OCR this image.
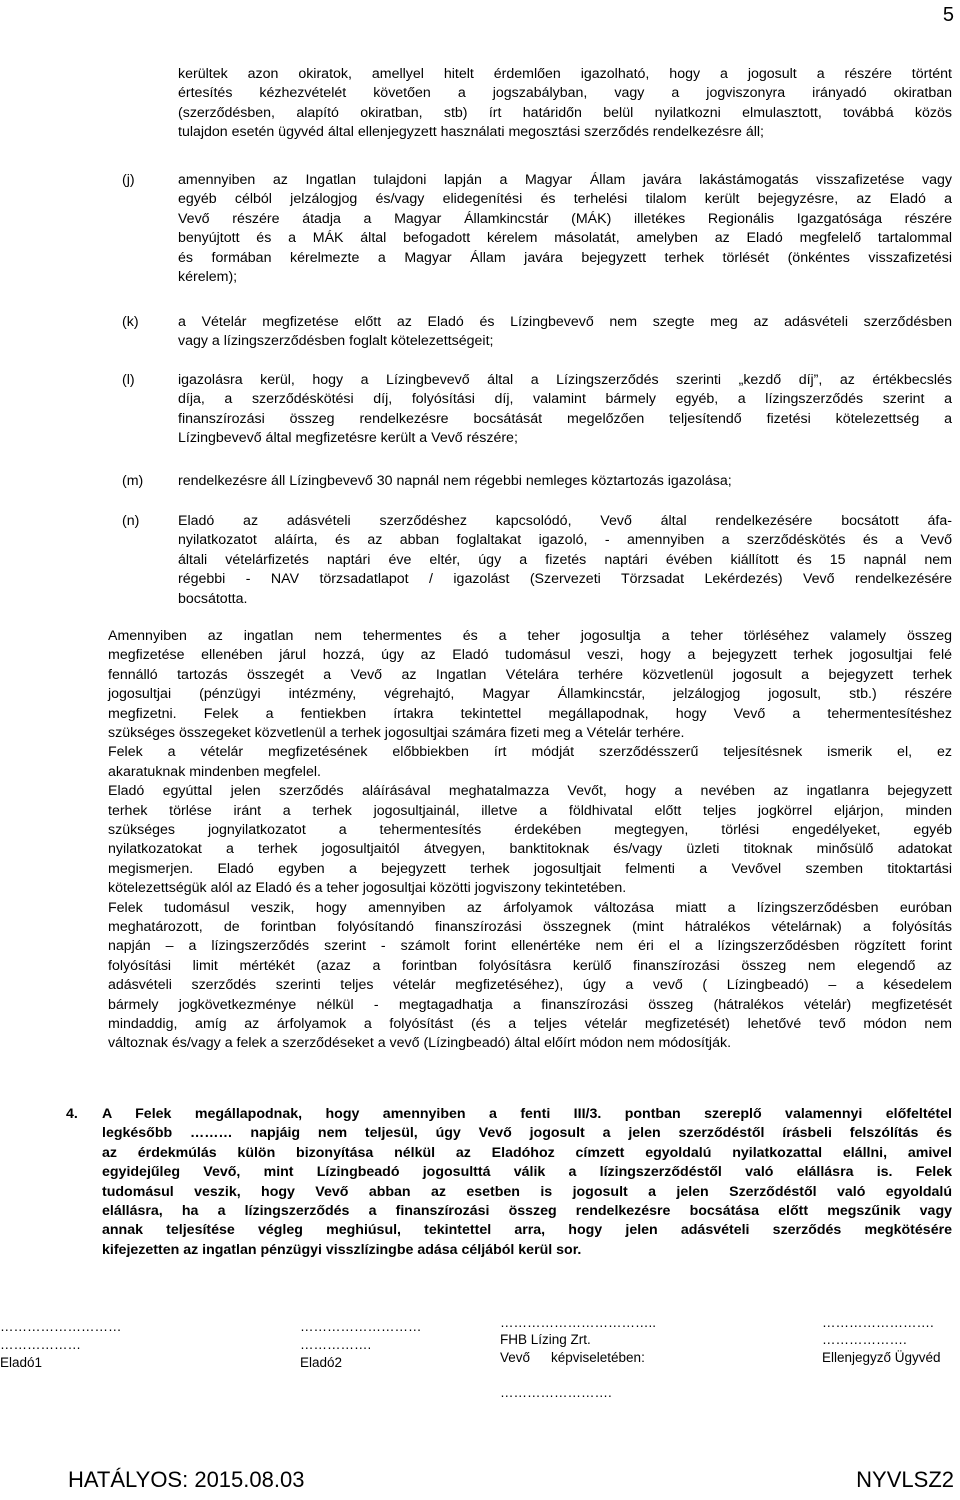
5
kerültek azon okiratok, amellyel hitelt érdemlően igazolható, hogy a jogosult a részére történt
értesítés kézhezvételét követően a jogszabályban, vagy a jogviszonyra irányadó okiratban
(szerződésben, alapító okiratban, stb) írt határidőn belül nyilatkozni elmulasztott, továbbá közös
tulajdon esetén ügyvéd által ellenjegyzett használati megosztási szerződés rendelkezésre áll;
(j)	amennyiben az Ingatlan tulajdoni lapján a Magyar Állam javára lakástámogatás visszafizetése vagy
egyéb célból jelzálogjog és/vagy elidegenítési és terhelési tilalom került bejegyzésre, az Eladó a
Vevő részére átadja a Magyar Államkincstár (MÁK) illetékes Regionális Igazgatósága részére
benyújtott és a MÁK által befogadott kérelem másolatát, amelyben az Eladó megfelelő tartalommal
és formában kérelmezte a Magyar Állam javára bejegyzett terhek törlését (önkéntes visszafizetési
kérelem);
(k)	a Vételár megfizetése előtt az Eladó és Lízingbevevő nem szegte meg az adásvételi szerződésben
vagy a lízingszerződésben foglalt kötelezettségeit;
(l)	igazolásra kerül, hogy a Lízingbevevő által a Lízingszerződés szerinti „kezdő díj”, az értékbecslés
díja, a szerződéskötési díj, folyósítási díj, valamint bármely egyéb, a lízingszerződés szerint a
finanszírozási összeg rendelkezésre bocsátását megelőzően teljesítendő fizetési kötelezettség a
Lízingbevevő által megfizetésre került a Vevő részére;
(m) rendelkezésre áll Lízingbevevő 30 napnál nem régebbi nemleges köztartozás igazolása;
(n)	Eladó az adásvételi szerződéshez kapcsolódó, Vevő által rendelkezésére bocsátott áfa-
nyilatkozatot aláírta, és az abban foglaltakat igazoló, - amennyiben a szerződéskötés és a Vevő
általi vételárfizetés naptári éve eltér, úgy a fizetés naptári évében kiállított és 15 napnál nem
régebbi - NAV törzsadatlapot / igazolást (Szervezeti Törzsadat Lekérdezés) Vevő rendelkezésére
bocsátotta.
Amennyiben az ingatlan nem tehermentes és a teher jogosultja a teher törléséhez valamely összeg
megfizetése ellenében járul hozzá, úgy az Eladó tudomásul veszi, hogy a bejegyzett terhek jogosultjai felé
fennálló tartozás összegét a Vevő az Ingatlan Vételára terhére közvetlenül jogosult a bejegyzett terhek
jogosultjai (pénzügyi intézmény, végrehajtó, Magyar Államkincstár, jelzálogjog jogosult, stb.) részére
megfizetni. Felek a fentiekben írtakra tekintettel megállapodnak, hogy Vevő a tehermentesítéshez
szükséges összegeket közvetlenül a terhek jogosultjai számára fizeti meg a Vételár terhére.
Felek a vételár megfizetésének előbbiekben írt módját szerződésszerű teljesítésnek ismerik el, ez
akaratuknak mindenben megfelel.
Eladó egyúttal jelen szerződés aláírásával meghatalmazza Vevőt, hogy a nevében az ingatlanra bejegyzett
terhek törlése iránt a terhek jogosultjainál, illetve a földhivatal előtt teljes jogkörrel eljárjon, minden
szükséges jognyilatkozatot a tehermentesítés érdekében megtegyen, törlési engedélyeket, egyéb
nyilatkozatokat a terhek jogosultjaitól átvegyen, banktitoknak és/vagy üzleti titoknak minősülő adatokat
megismerjen. Eladó egyben a bejegyzett terhek jogosultjait felmenti a Vevővel szemben titoktartási
kötelezettségük alól az Eladó és a teher jogosultjai közötti jogviszony tekintetében.
Felek tudomásul veszik, hogy amennyiben az árfolyamok változása miatt a lízingszerződésben euróban
meghatározott, de forintban folyósítandó finanszírozási összegnek (mint hátralékos vételárnak) a folyósítás
napján – a lízingszerződés szerint - számolt forint ellenértéke nem éri el a lízingszerződésben rögzített forint
folyósítási limit mértékét (azaz a forintban folyósításra kerülő finanszírozási összeg nem elegendő az
adásvételi szerződés szerinti teljes vételár megfizetéséhez), úgy a vevő ( Lízingbeadó) – a késedelem
bármely jogkövetkezménye nélkül - megtagadhatja a finanszírozási összeg (hátralékos vételár) megfizetését
mindaddig, amíg az árfolyamok a folyósítást (és a teljes vételár megfizetését) lehetővé tevő módon nem
változnak és/vagy a felek a szerződéseket a vevő (Lízingbeadó) által előírt módon nem módosítják.
4. A Felek megállapodnak, hogy amennyiben a fenti III/3. pontban szereplő valamennyi előfeltétel
legkésőbb ……… napjáig nem teljesül, úgy Vevő jogosult a jelen szerződéstől írásbeli felszólítás és
az érdekmúlás külön bizonyítása nélkül az Eladóhoz címzett egyoldalú nyilatkozattal elállni, amivel
egyidejűleg Vevő, mint Lízingbeadó jogosulttá válik a lízingszerződéstől való elállásra is. Felek
tudomásul veszik, hogy Vevő abban az esetben is jogosult a jelen Szerződéstől való egyoldalú
elállásra, ha a lízingszerződés a finanszírozási összeg rendelkezésre bocsátása előtt megszűnik vagy
annak teljesítése végleg meghiúsul, tekintettel arra, hogy jelen adásvételi szerződés megkötésére
kifejezetten az ingatlan pénzügyi visszlízingbe adása céljából kerül sor.
………………………
………………
Eladó1
………………………
…………….
Eladó2
……………………………..
FHB Lízing Zrt.
Vevő képviseletében:
…………………….
…………………….
……………….
Ellenjegyző Ügyvéd
HATÁLYOS: 2015.08.03	NYVLSZ2
